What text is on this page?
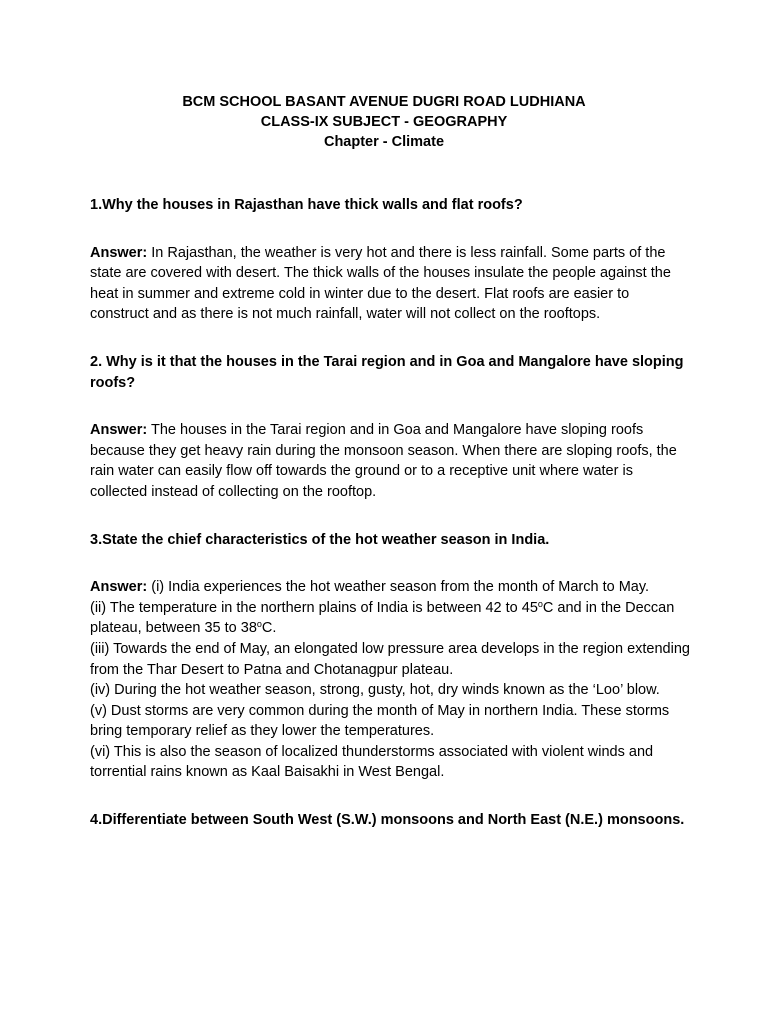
BCM SCHOOL BASANT AVENUE DUGRI ROAD LUDHIANA
CLASS-IX SUBJECT - GEOGRAPHY
Chapter - Climate

1.Why the houses in Rajasthan have thick walls and flat roofs?

Answer: In Rajasthan, the weather is very hot and there is less rainfall. Some parts of the state are covered with desert. The thick walls of the houses insulate the people against the heat in summer and extreme cold in winter due to the desert. Flat roofs are easier to construct and as there is not much rainfall, water will not collect on the rooftops.

2. Why is it that the houses in the Tarai region and in Goa and Mangalore have sloping roofs?

Answer: The houses in the Tarai region and in Goa and Mangalore have sloping roofs because they get heavy rain during the monsoon season. When there are sloping roofs, the rain water can easily flow off towards the ground or to a receptive unit where water is collected instead of collecting on the rooftop.

3.State the chief characteristics of the hot weather season in India.

Answer: (i) India experiences the hot weather season from the month of March to May.
(ii) The temperature in the northern plains of India is between 42 to 45$^o$C and in the Deccan plateau, between 35 to 38$^o$C.
(iii) Towards the end of May, an elongated low pressure area develops in the region extending from the Thar Desert to Patna and Chotanagpur plateau.
(iv) During the hot weather season, strong, gusty, hot, dry winds known as the ‘Loo’ blow.
(v) Dust storms are very common during the month of May in northern India. These storms bring temporary relief as they lower the temperatures.
(vi) This is also the season of localized thunderstorms associated with violent winds and torrential rains known as Kaal Baisakhi in West Bengal.

4.Differentiate between South West (S.W.) monsoons and North East (N.E.) monsoons.
